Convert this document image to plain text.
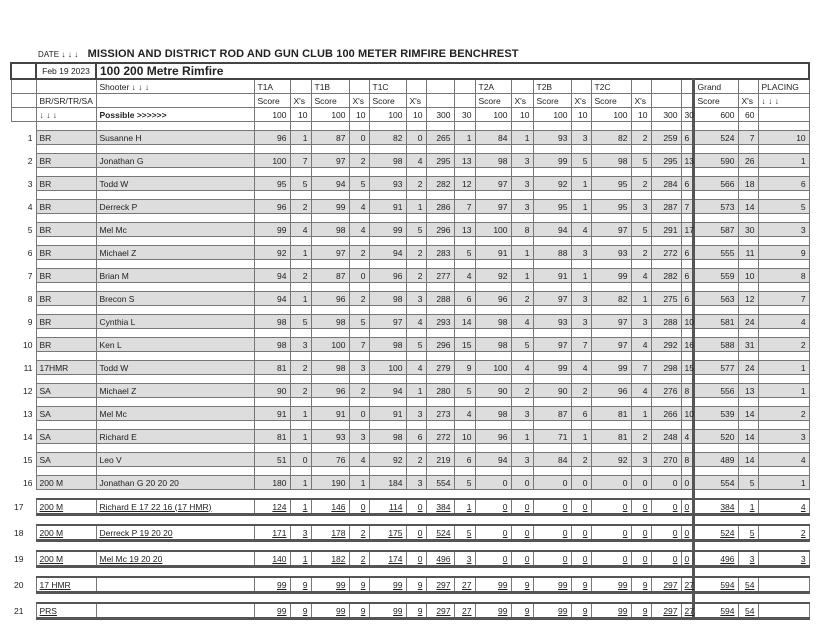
DATE ↓ ↓ ↓ MISSION AND DISTRICT ROD AND GUN CLUB 100 METER RIMFIRE BENCHREST
	Feb 19 2023	100 200 Metre Rimfire																			
		Shooter ↓ ↓ ↓	T1A		T1B		T1C				T2A		T2B		T2C				Grand		PLACING
	BR/SR/TR/SA		Score	X's	Score	X's	Score	X's			Score	X's	Score	X's	Score	X's			Score	X's	↓ ↓ ↓
	↓ ↓ ↓	Possible >>>>>>	100	10	100	10	100	10	300	30	100	10	100	10	100	10	300	30	600	60	

1	BR	Susanne H	96	1	87	0	82	0	265	1	84	1	93	3	82	2	259	6	524	7	10

2	BR	Jonathan G	100	7	97	2	98	4	295	13	98	3	99	5	98	5	295	13	590	26	1

3	BR	Todd W	95	5	94	5	93	2	282	12	97	3	92	1	95	2	284	6	566	18	6

4	BR	Derreck P	96	2	99	4	91	1	286	7	97	3	95	1	95	3	287	7	573	14	5

5	BR	Mel Mc	99	4	98	4	99	5	296	13	100	8	94	4	97	5	291	17	587	30	3

6	BR	Michael Z	92	1	97	2	94	2	283	5	91	1	88	3	93	2	272	6	555	11	9

7	BR	Brian M	94	2	87	0	96	2	277	4	92	1	91	1	99	4	282	6	559	10	8

8	BR	Brecon S	94	1	96	2	98	3	288	6	96	2	97	3	82	1	275	6	563	12	7

9	BR	Cynthia L	98	5	98	5	97	4	293	14	98	4	93	3	97	3	288	10	581	24	4

10	BR	Ken L	98	3	100	7	98	5	296	15	98	5	97	7	97	4	292	16	588	31	2

11	17HMR	Todd W	81	2	98	3	100	4	279	9	100	4	99	4	99	7	298	15	577	24	1

12	SA	Michael Z	90	2	96	2	94	1	280	5	90	2	90	2	96	4	276	8	556	13	1

13	SA	Mel Mc	91	1	91	0	91	3	273	4	98	3	87	6	81	1	266	10	539	14	2

14	SA	Richard E	81	1	93	3	98	6	272	10	96	1	71	1	81	2	248	4	520	14	3

15	SA	Leo V	51	0	76	4	92	2	219	6	94	3	84	2	92	3	270	8	489	14	4

16	200 M	Jonathan G 20 20 20	180	1	190	1	184	3	554	5	0	0	0	0	0	0	0	0	554	5	1

17	200 M	Richard E 17 22 16 (17 HMR)	124	1	146	0	114	0	384	1	0	0	0	0	0	0	0	0	384	1	4

18	200 M	Derreck P 19 20 20	171	3	178	2	175	0	524	5	0	0	0	0	0	0	0	0	524	5	2

19	200 M	Mel Mc 19 20 20	140	1	182	2	174	0	496	3	0	0	0	0	0	0	0	0	496	3	3

20	17 HMR		99	9	99	9	99	9	297	27	99	9	99	9	99	9	297	27	594	54	

21	PRS		99	9	99	9	99	9	297	27	99	9	99	9	99	9	297	27	594	54	
